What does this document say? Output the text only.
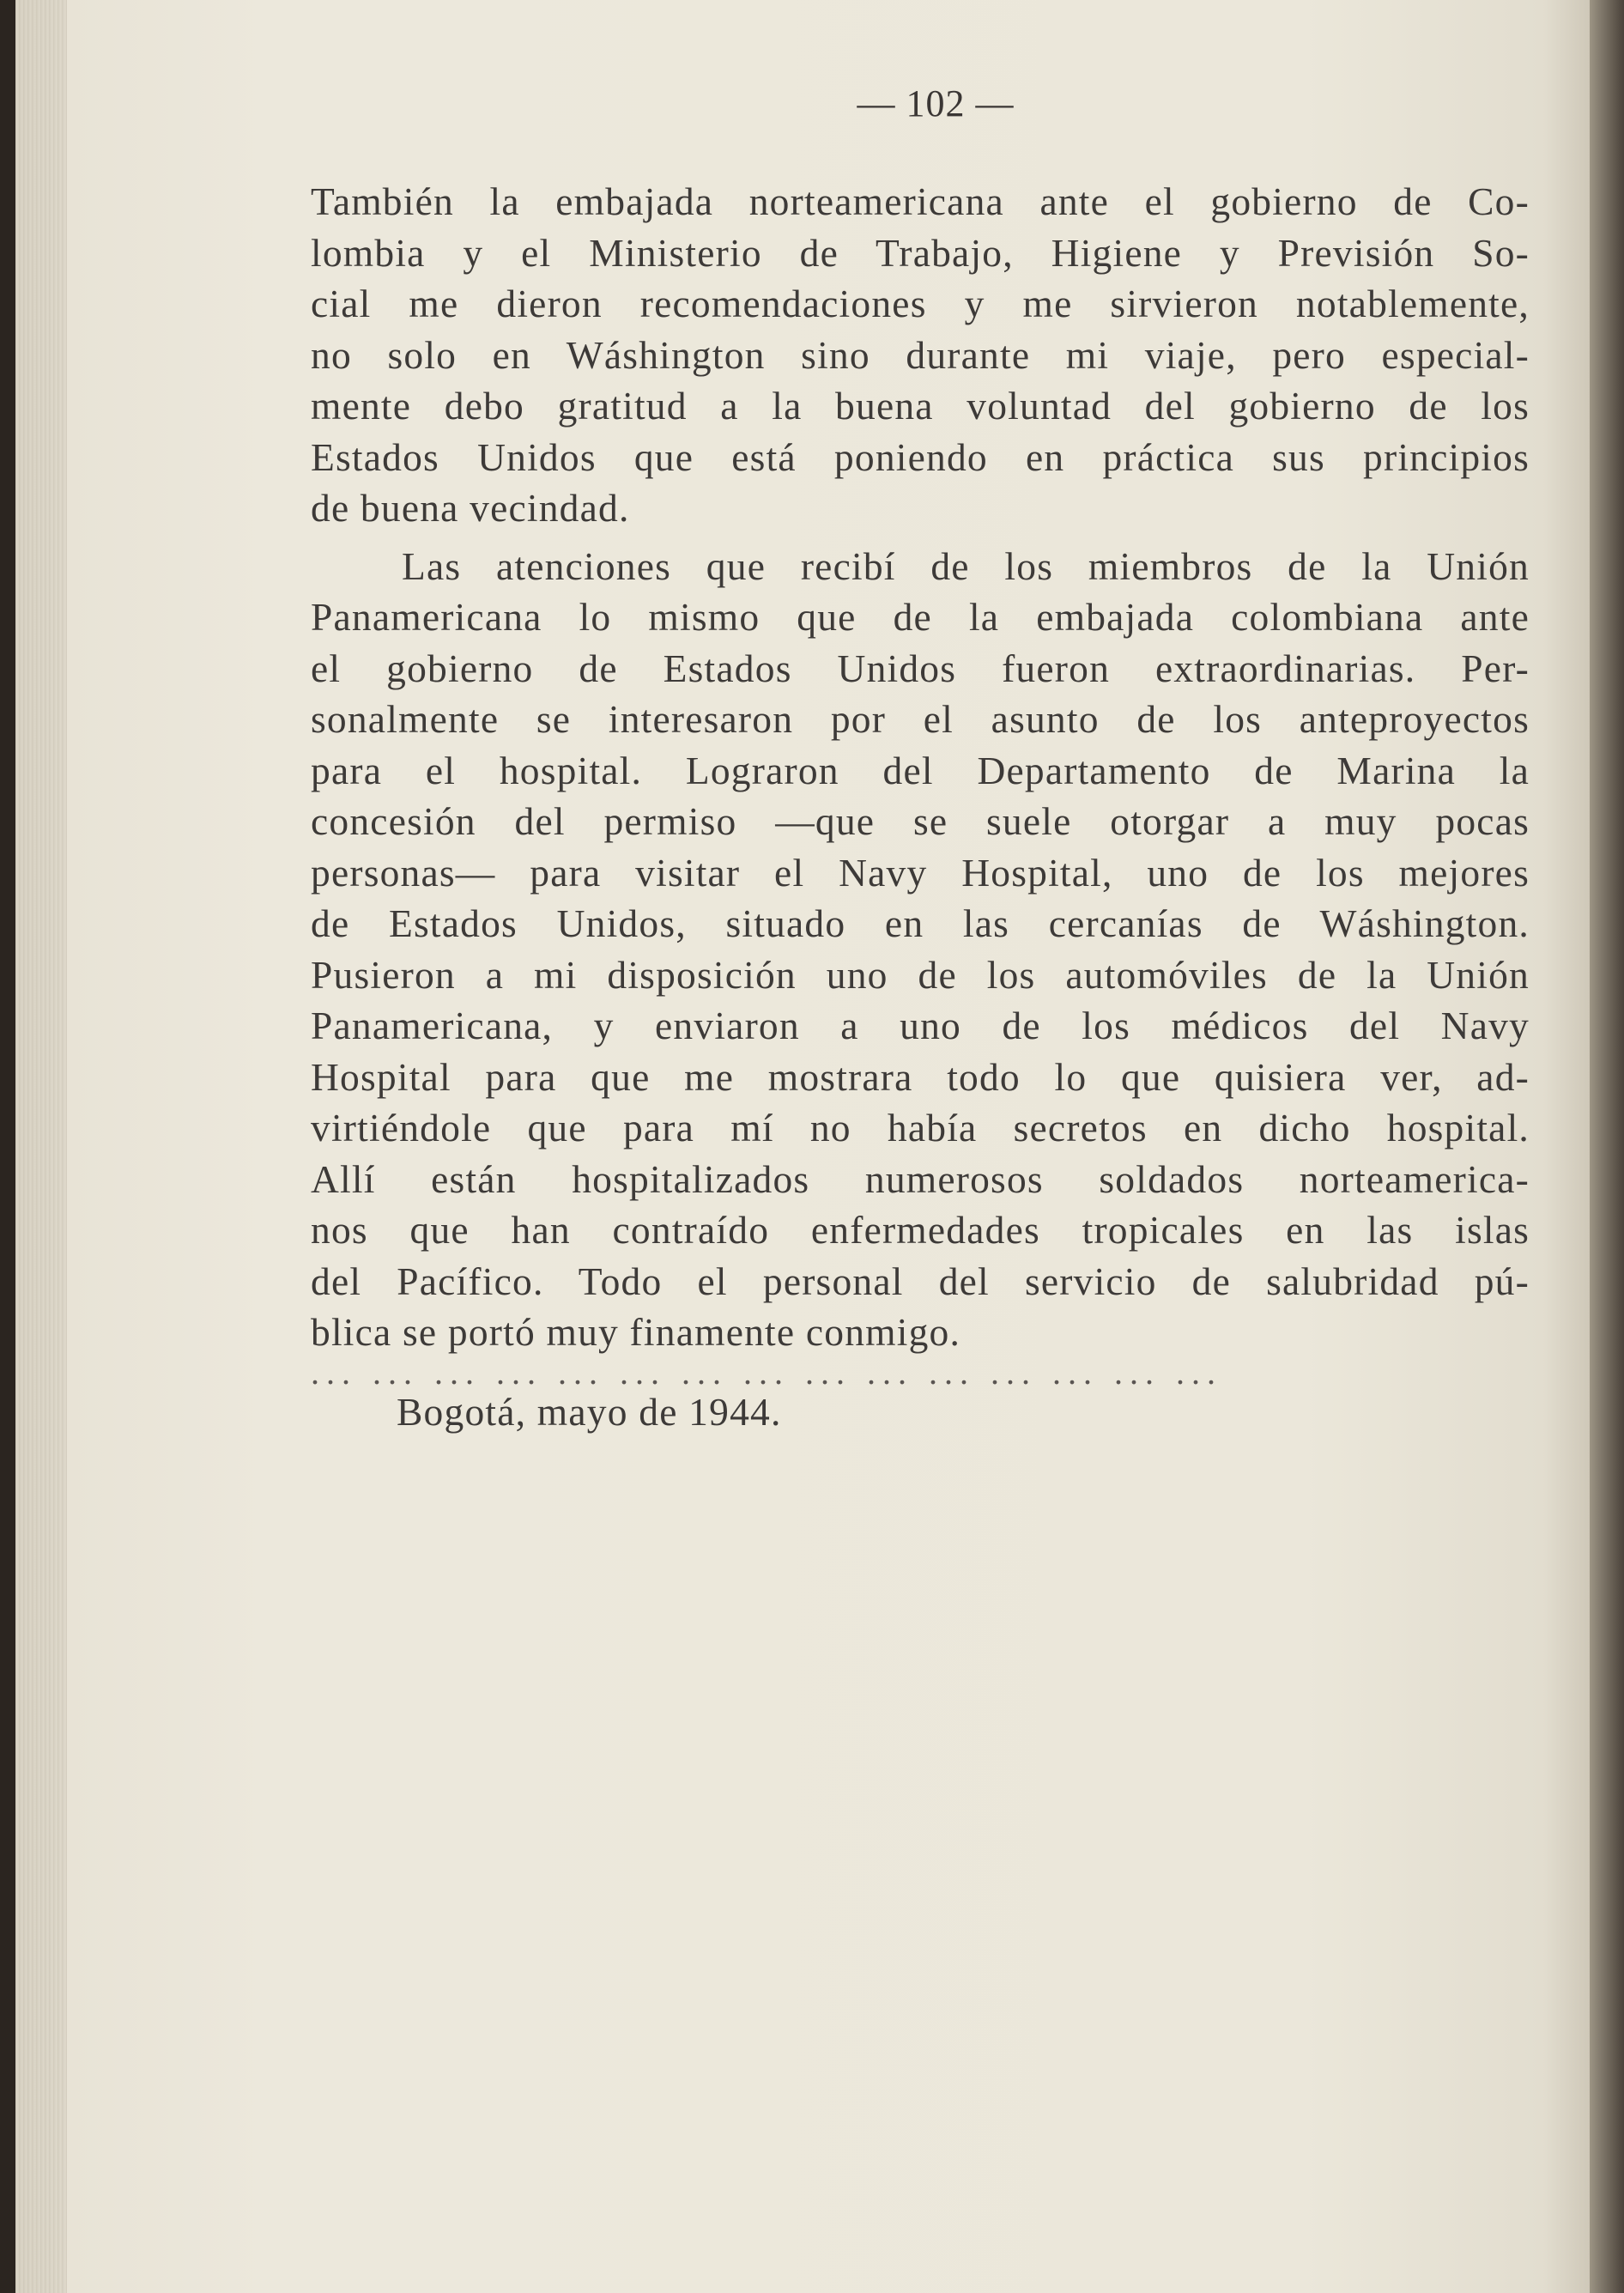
— 102 —
También la embajada norteamericana ante el gobierno de Co-
lombia y el Ministerio de Trabajo, Higiene y Previsión So-
cial me dieron recomendaciones y me sirvieron notablemente,
no solo en Wáshington sino durante mi viaje, pero especial-
mente debo gratitud a la buena voluntad del gobierno de los
Estados Unidos que está poniendo en práctica sus principios
de buena vecindad.
Las atenciones que recibí de los miembros de la Unión
Panamericana lo mismo que de la embajada colombiana ante
el gobierno de Estados Unidos fueron extraordinarias. Per-
sonalmente se interesaron por el asunto de los anteproyectos
para el hospital. Lograron del Departamento de Marina la
concesión del permiso —que se suele otorgar a muy pocas
personas— para visitar el Navy Hospital, uno de los mejores
de Estados Unidos, situado en las cercanías de Wáshington.
Pusieron a mi disposición uno de los automóviles de la Unión
Panamericana, y enviaron a uno de los médicos del Navy
Hospital para que me mostrara todo lo que quisiera ver, ad-
virtiéndole que para mí no había secretos en dicho hospital.
Allí están hospitalizados numerosos soldados norteamerica-
nos que han contraído enfermedades tropicales en las islas
del Pacífico. Todo el personal del servicio de salubridad pú-
blica se portó muy finamente conmigo.
... ... ... ... ... ... ... ... ... ... ... ... ... ... ...
Bogotá, mayo de 1944.
